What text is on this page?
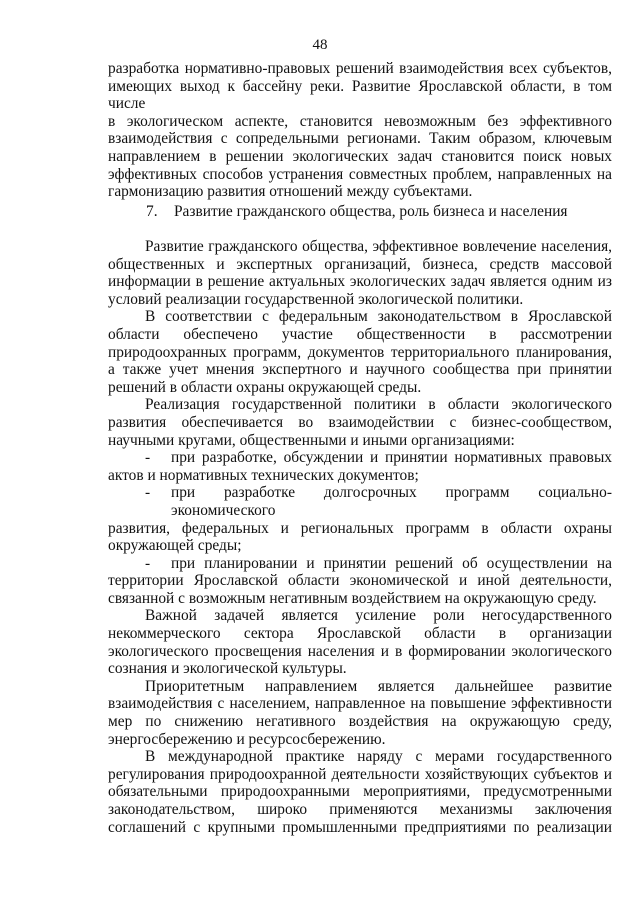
48

разработка нормативно-правовых решений взаимодействия всех субъектов,

имеющих выход к бассейну реки. Развитие Ярославской области, в том числе

в экологическом аспекте, становится невозможным без эффективного

взаимодействия с сопредельными регионами. Таким образом, ключевым

направлением в решении экологических задач становится поиск новых

эффективных способов устранения совместных проблем, направленных на

гармонизацию развития отношений между субъектами.

7. Развитие гражданского общества, роль бизнеса и населения

Развитие гражданского общества, эффективное вовлечение населения,

общественных и экспертных организаций, бизнеса, средств массовой

информации в решение актуальных экологических задач является одним из

условий реализации государственной экологической политики.

В соответствии с федеральным законодательством в Ярославской

области обеспечено участие общественности в рассмотрении

природоохранных программ, документов территориального планирования,

а также учет мнения экспертного и научного сообщества при принятии

решений в области охраны окружающей среды.

Реализация государственной политики в области экологического

развития обеспечивается во взаимодействии с бизнес-сообществом,

научными кругами, общественными и иными организациями:

-	при разработке, обсуждении и принятии нормативных правовых

актов и нормативных технических документов;

-	при разработке долгосрочных программ социально-экономического

развития, федеральных и региональных программ в области охраны

окружающей среды;

-	при планировании и принятии решений об осуществлении на

территории Ярославской области экономической и иной деятельности,

связанной с возможным негативным воздействием на окружающую среду.

Важной задачей является усиление роли негосударственного

некоммерческого сектора Ярославской области в организации

экологического просвещения населения и в формировании экологического

сознания и экологической культуры.

Приоритетным направлением является дальнейшее развитие

взаимодействия с населением, направленное на повышение эффективности

мер по снижению негативного воздействия на окружающую среду,

энергосбережению и ресурсосбережению.

В международной практике наряду с мерами государственного

регулирования природоохранной деятельности хозяйствующих субъектов и

обязательными природоохранными мероприятиями, предусмотренными

законодательством, широко применяются механизмы заключения

соглашений с крупными промышленными предприятиями по реализации
